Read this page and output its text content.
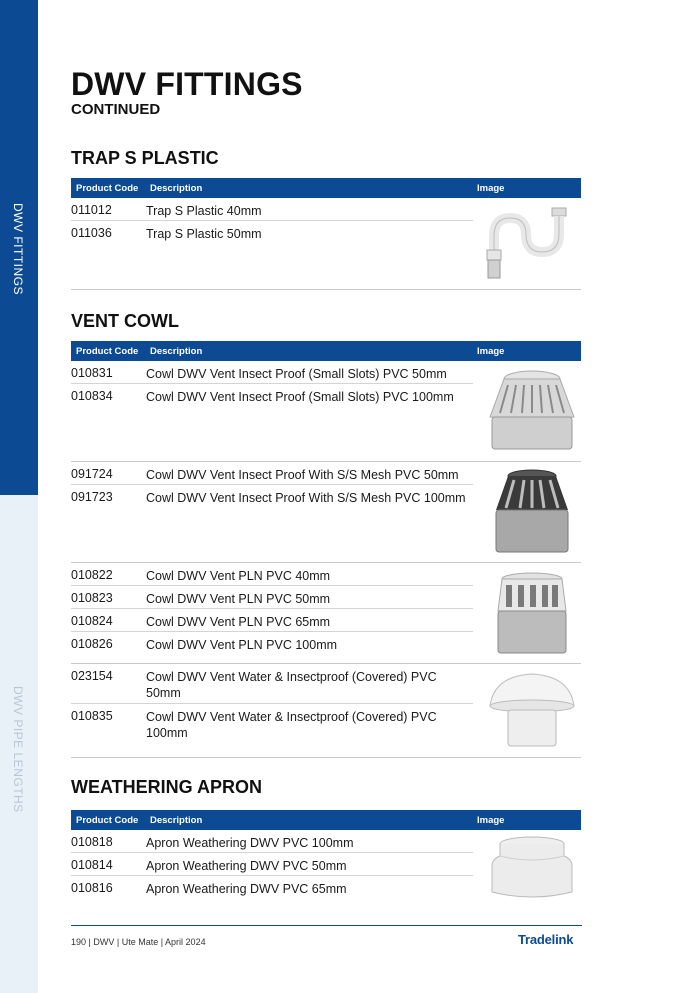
DWV FITTINGS
DWV PIPE LENGTHS
DWV FITTINGS
CONTINUED
TRAP S PLASTIC
Product Code Description	Image
011012	Trap S Plastic 40mm
011036	Trap S Plastic 50mm
VENT COWL
Product Code Description	Image
010831	Cowl DWV Vent Insect Proof (Small Slots) PVC 50mm
010834	Cowl DWV Vent Insect Proof (Small Slots) PVC 100mm
091724	Cowl DWV Vent Insect Proof With S/S Mesh PVC 50mm
091723	Cowl DWV Vent Insect Proof With S/S Mesh PVC 100mm
010822	Cowl DWV Vent PLN PVC 40mm
010823	Cowl DWV Vent PLN PVC 50mm
010824	Cowl DWV Vent PLN PVC 65mm
010826	Cowl DWV Vent PLN PVC 100mm
023154	Cowl DWV Vent Water & Insectproof (Covered) PVC 50mm
010835	Cowl DWV Vent Water & Insectproof (Covered) PVC 100mm
WEATHERING APRON
Product Code Description	Image
010818	Apron Weathering DWV PVC 100mm
010814	Apron Weathering DWV PVC 50mm
010816	Apron Weathering DWV PVC 65mm
190 | DWV | Ute Mate | April 2024	Tradelink
